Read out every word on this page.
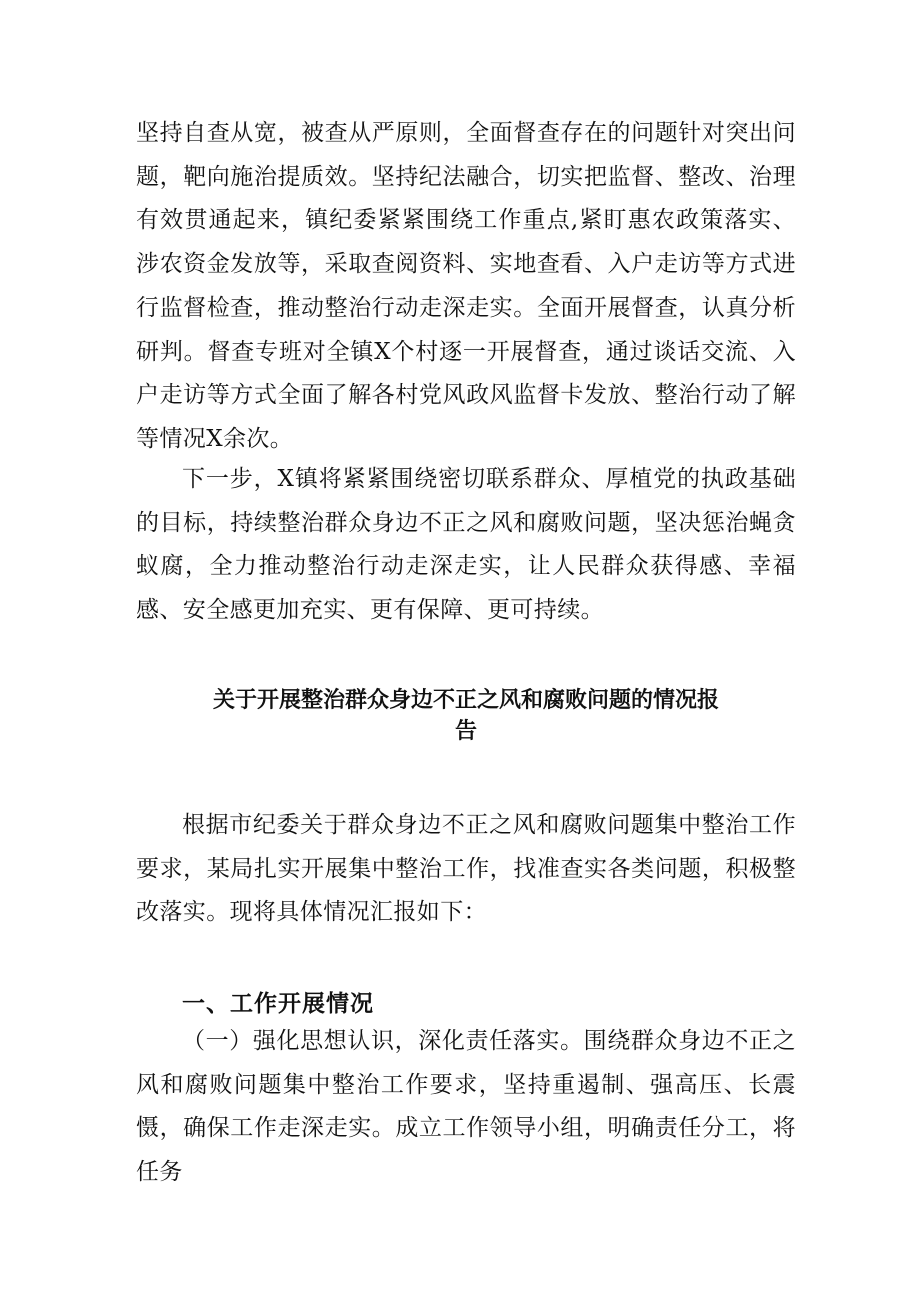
坚持自查从宽，被查从严原则，全面督查存在的问题针对突出问题，靶向施治提质效。坚持纪法融合，切实把监督、整改、治理有效贯通起来，镇纪委紧紧围绕工作重点,紧盯惠农政策落实、涉农资金发放等，采取查阅资料、实地查看、入户走访等方式进行监督检查，推动整治行动走深走实。全面开展督查，认真分析研判。督查专班对全镇X个村逐一开展督查，通过谈话交流、入户走访等方式全面了解各村党风政风监督卡发放、整治行动了解等情况X余次。

下一步，X镇将紧紧围绕密切联系群众、厚植党的执政基础的目标，持续整治群众身边不正之风和腐败问题，坚决惩治蝇贪蚁腐，全力推动整治行动走深走实，让人民群众获得感、幸福感、安全感更加充实、更有保障、更可持续。

关于开展整治群众身边不正之风和腐败问题的情况报
告

根据市纪委关于群众身边不正之风和腐败问题集中整治工作要求，某局扎实开展集中整治工作，找准查实各类问题，积极整改落实。现将具体情况汇报如下：

一、工作开展情况

（一）强化思想认识，深化责任落实。围绕群众身边不正之风和腐败问题集中整治工作要求，坚持重遏制、强高压、长震慑，确保工作走深走实。成立工作领导小组，明确责任分工，将任务
